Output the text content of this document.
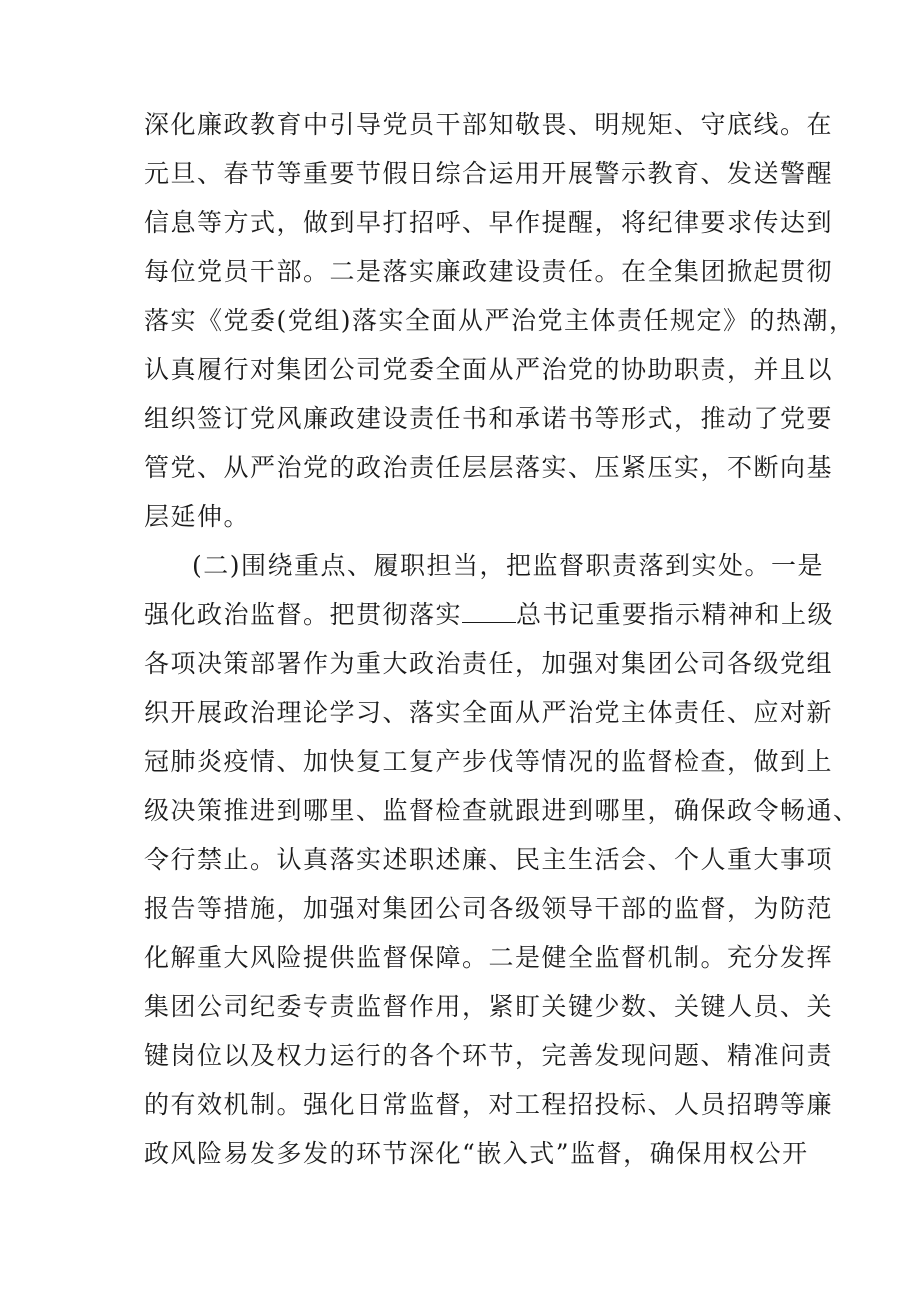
深化廉政教育中引导党员干部知敬畏、明规矩、守底线。在
元旦、春节等重要节假日综合运用开展警示教育、发送警醒
信息等方式，做到早打招呼、早作提醒，将纪律要求传达到
每位党员干部。二是落实廉政建设责任。在全集团掀起贯彻
落实《党委(党组)落实全面从严治党主体责任规定》的热潮，
认真履行对集团公司党委全面从严治党的协助职责，并且以
组织签订党风廉政建设责任书和承诺书等形式，推动了党要
管党、从严治党的政治责任层层落实、压紧压实，不断向基
层延伸。
(二)围绕重点、履职担当，把监督职责落到实处。一是
强化政治监督。把贯彻落实 总书记重要指示精神和上级
各项决策部署作为重大政治责任，加强对集团公司各级党组
织开展政治理论学习、落实全面从严治党主体责任、应对新
冠肺炎疫情、加快复工复产步伐等情况的监督检查，做到上
级决策推进到哪里、监督检查就跟进到哪里，确保政令畅通、
令行禁止。认真落实述职述廉、民主生活会、个人重大事项
报告等措施，加强对集团公司各级领导干部的监督，为防范
化解重大风险提供监督保障。二是健全监督机制。充分发挥
集团公司纪委专责监督作用，紧盯关键少数、关键人员、关
键岗位以及权力运行的各个环节，完善发现问题、精准问责
的有效机制。强化日常监督，对工程招投标、人员招聘等廉
政风险易发多发的环节深化“嵌入式”监督，确保用权公开
